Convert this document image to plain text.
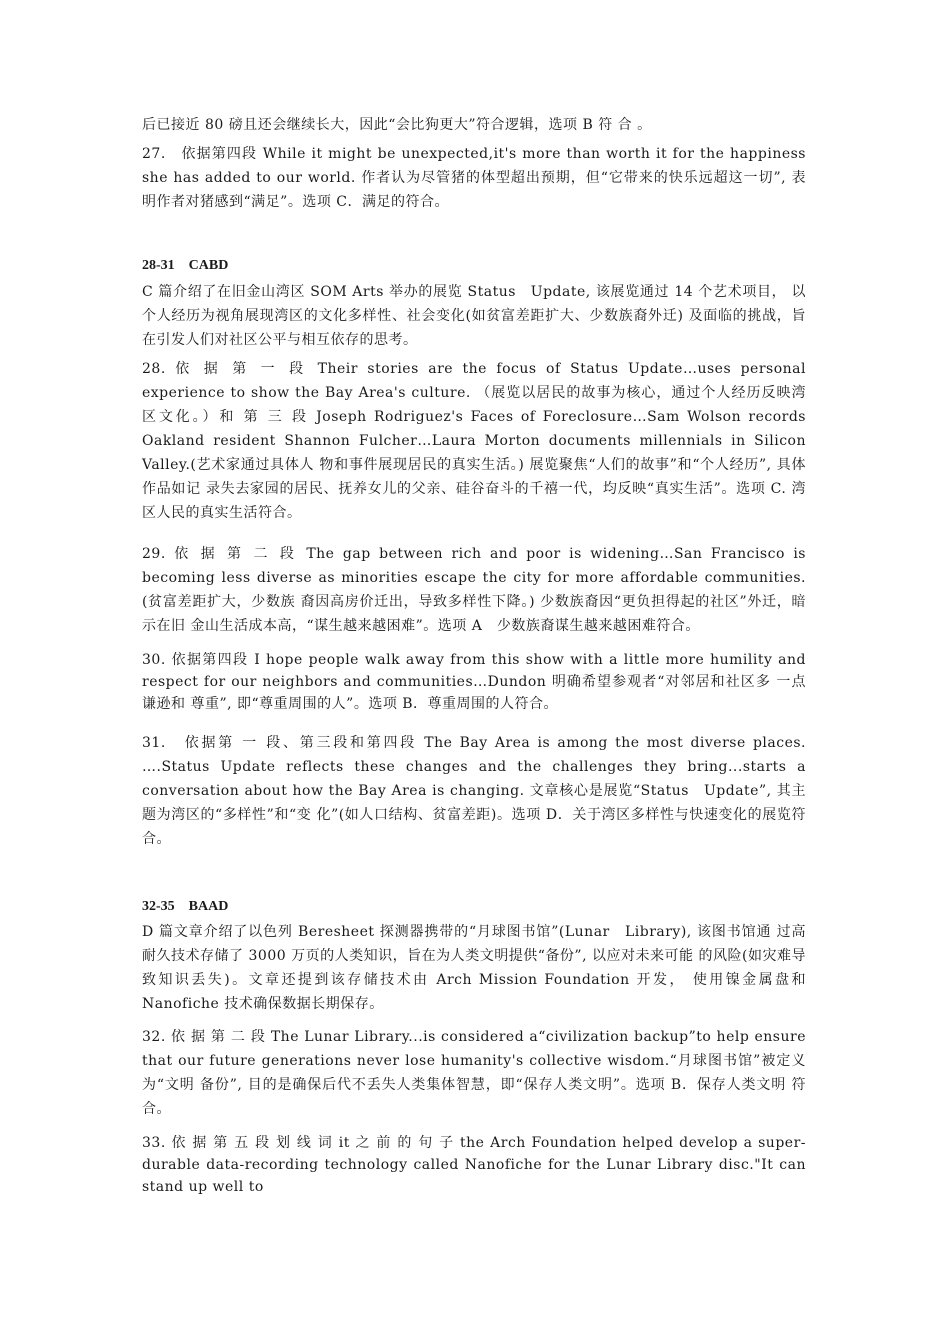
后已接近 80 磅且还会继续长大，因此“会比狗更大”符合逻辑，选项 B 符 合 。

27.　依据第四段 While it might be unexpected,it's more than worth it for the happiness she has added to our world. 作者认为尽管猪的体型超出预期，但“它带来的快乐远超这一切”, 表 明作者对猪感到“满足”。选项 C．满足的符合。

28-31　CABD

C 篇介绍了在旧金山湾区 SOM Arts 举办的展览 Status　Update, 该展览通过 14 个艺术项目， 以个人经历为视角展现湾区的文化多样性、社会变化(如贫富差距扩大、少数族裔外迁) 及面临的挑战，旨在引发人们对社区公平与相互依存的思考。

28. 依 据 第 一 段 Their stories are the focus of Status Update…uses personal experience to show the Bay Area's culture. （展览以居民的故事为核心，通过个人经历反映湾区文化。）和 第 三 段 Joseph Rodriguez's Faces of Foreclosure…Sam Wolson records Oakland resident Shannon Fulcher…Laura Morton documents millennials in Silicon Valley.(艺术家通过具体人 物和事件展现居民的真实生活。) 展览聚焦“人们的故事”和“个人经历”, 具体作品如记 录失去家园的居民、抚养女儿的父亲、硅谷奋斗的千禧一代，均反映“真实生活”。选项 C. 湾区人民的真实生活符合。

29. 依 据 第 二 段 The gap between rich and poor is widening…San Francisco is becoming less diverse as minorities escape the city for more affordable communities.(贫富差距扩大，少数族 裔因高房价迁出，导致多样性下降。) 少数族裔因“更负担得起的社区”外迁，暗示在旧 金山生活成本高，“谋生越来越困难”。选项 A　少数族裔谋生越来越困难符合。

30. 依据第四段 I hope people walk away from this show with a little more humility and respect for our neighbors and communities…Dundon 明确希望参观者“对邻居和社区多 一点谦逊和 尊重”, 即“尊重周围的人”。选项 B．尊重周围的人符合。

31.　依据第 一 段、第三段和第四段 The Bay Area is among the most diverse places. ….Status Update reflects these changes and the challenges they bring...starts a conversation about how the Bay Area is changing. 文章核心是展览“Status　Update”, 其主题为湾区的“多样性”和“变 化”(如人口结构、贫富差距)。选项 D．关于湾区多样性与快速变化的展览符合。

32-35　BAAD

D 篇文章介绍了以色列 Beresheet 探测器携带的“月球图书馆”(Lunar　Library), 该图书馆通 过高耐久技术存储了 3000 万页的人类知识，旨在为人类文明提供“备份”, 以应对未来可能 的风险(如灾难导致知识丢失)。文章还提到该存储技术由 Arch Mission Foundation 开发， 使用镍金属盘和 Nanofiche 技术确保数据长期保存。

32. 依 据 第 二 段 The Lunar Library...is considered a“civilization backup”to help ensure that our future generations never lose humanity's collective wisdom.“月球图书馆”被定义为“文明 备份”, 目的是确保后代不丢失人类集体智慧，即“保存人类文明”。选项 B．保存人类文明 符合。

33. 依 据 第 五 段 划 线 词 it 之 前 的 句 子 the Arch Foundation helped develop a super-durable data-recording technology called Nanofiche for the Lunar Library disc."It can stand up well to
